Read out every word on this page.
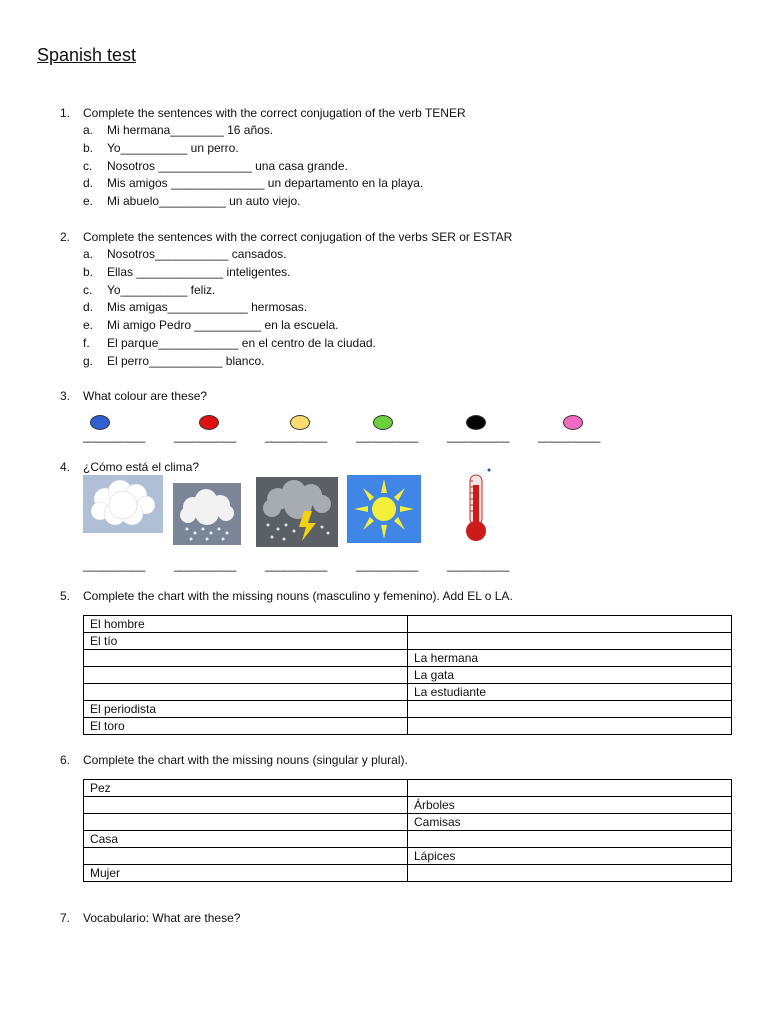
Spanish test
1. Complete the sentences with the correct conjugation of the verb TENER
a. Mi hermana________ 16 años.
b. Yo__________ un perro.
c. Nosotros ______________ una casa grande.
d. Mis amigos ______________ un departamento en la playa.
e. Mi abuelo__________ un auto viejo.
2. Complete the sentences with the correct conjugation of the verbs SER or ESTAR
a. Nosotros___________ cansados.
b. Ellas _____________ inteligentes.
c. Yo__________ feliz.
d. Mis amigas____________ hermosas.
e. Mi amigo Pedro __________ en la escuela.
f. El parque____________ en el centro de la ciudad.
g. El perro___________ blanco.
3. What colour are these?
__________ __________ __________ __________ __________ __________
4. ¿Cómo está el clima?
__________ __________ __________ __________ __________
5. Complete the chart with the missing nouns (masculino y femenino). Add EL o LA.
El hombre	
El tío	
	La hermana
	La gata
	La estudiante
El periodista	
El toro	
6. Complete the chart with the missing nouns (singular y plural).
Pez	
	Árboles
	Camisas
Casa	
	Lápices
Mujer	
7. Vocabulario: What are these?
